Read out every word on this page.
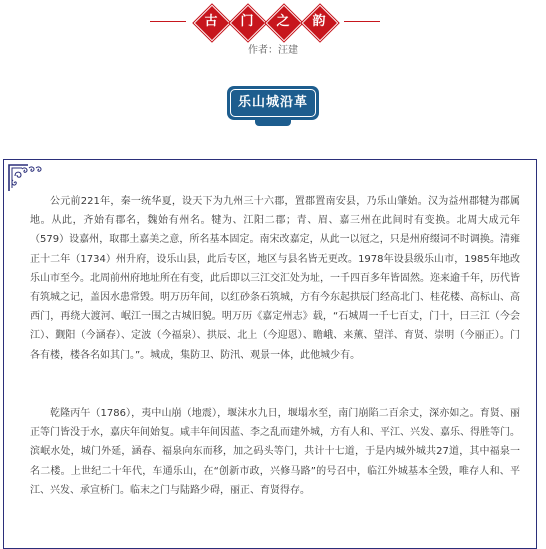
古	门	之	韵
作者：汪建
乐山城沿革

公元前221年，秦一统华夏，设天下为九州三十六郡，置郡置南安县，乃乐山肇始。汉为益州郡犍为郡属地。从此，齐始有郡名，魏始有州名。犍为、江阳二郡；青、眉、嘉三州在此间时有变换。北周大成元年（579）设嘉州，取郡土嘉美之意，所名基本固定。南宋改嘉定，从此一以冠之，只是州府缀词不时调换。清雍正十二年（1734）州升府，设乐山县，此后专区，地区与县名皆无更改。1978年设县级乐山市，1985年地改乐山市至今。北周前州府地址所在有变，此后即以三江交汇处为址，一千四百多年皆固然。迩来逾千年，历代皆有筑城之记，盖因水患常毁。明万历年间，以红砂条石筑城，方有今东起拱辰门经高北门、桂花楼、高标山、高西门，再绕大渡河、岷江一围之古城旧貌。明万历《嘉定州志》载，“石城周一千七百丈，门十，曰三江（今会江）、觐阳（今涵春）、定波（今福泉）、拱辰、北上（今迎恩）、瞻峨、来薰、望洋、育贤、崇明（今丽正）。门各有楼，楼各名如其门。”。城成，集防卫、防汛、观景一体，此他城少有。

乾隆丙午（1786），夷中山崩（地震），堰沫水九日，堰塌水至，南门崩陷二百余丈，深亦如之。育贤、丽正等门皆没于水，嘉庆年间始复。咸丰年间因蓝、李之乱而建外城，方有人和、平江、兴发、嘉乐、得胜等门。滨岷水处，城门外延，涵春、福泉向东而移，加之码头等门，共计十七道，于是内城外城共27道，其中福泉一名二楼。上世纪二十年代，车通乐山，在“创新市政，兴修马路”的号召中，临江外城基本全毁，唯存人和、平江、兴发、承宣桥门。临末之门与陆路少碍，丽正、育贤得存。
